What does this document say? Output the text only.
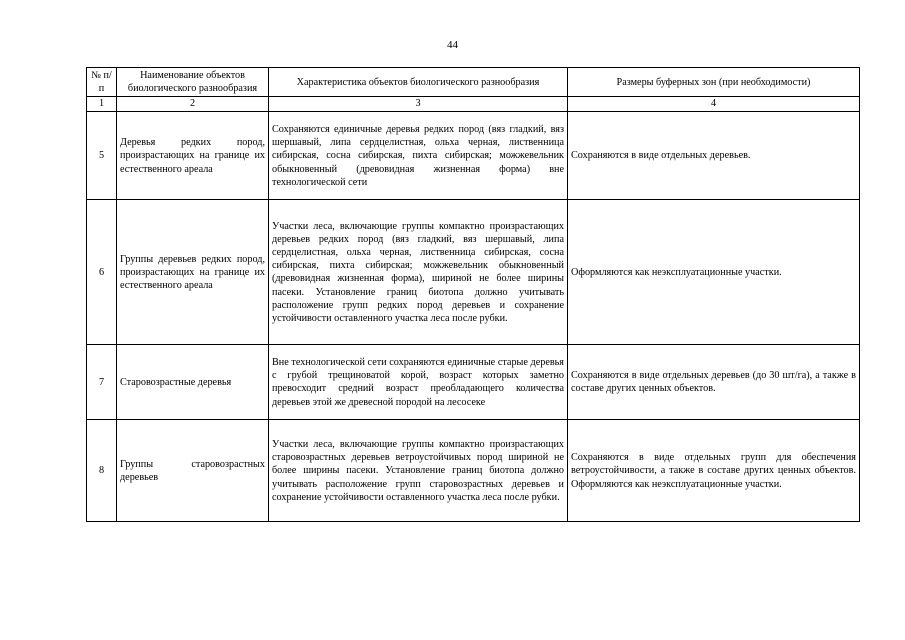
44
№ п/п	Наименование объектов биологического разнообразия	Характеристика объектов биологического разнообразия	Размеры буферных зон (при необходимости)
1	2	3	4
5	Деревья редких пород, произрастающих на границе их естественного ареала	Сохраняются единичные деревья редких пород (вяз гладкий, вяз шершавый, липа сердцелистная, ольха черная, лиственница сибирская, сосна сибирская, пихта сибирская; можжевельник обыкновенный (древовидная жизненная форма) вне технологической сети	Сохраняются в виде отдельных деревьев.
6	Группы деревьев редких пород, произрастающих на границе их естественного ареала	Участки леса, включающие группы компактно произрастающих деревьев редких пород (вяз гладкий, вяз шершавый, липа сердцелистная, ольха черная, лиственница сибирская, сосна сибирская, пихта сибирская; можжевельник обыкновенный (древовидная жизненная форма), шириной не более ширины пасеки. Установление границ биотопа должно учитывать расположение групп редких пород деревьев и сохранение устойчивости оставленного участка леса после рубки.	Оформляются как неэксплуатационные участки.
7	Старовозрастные деревья	Вне технологической сети сохраняются единичные старые деревья с грубой трещиноватой корой, возраст которых заметно превосходит средний возраст преобладающего количества деревьев этой же древесной породой на лесосеке	Сохраняются в виде отдельных деревьев (до 30 шт/га), а также в составе других ценных объектов.
8	Группы старовозрастных деревьев	Участки леса, включающие группы компактно произрастающих старовозрастных деревьев ветроустойчивых пород шириной не более ширины пасеки. Установление границ биотопа должно учитывать расположение групп старовозрастных деревьев и сохранение устойчивости оставленного участка леса после рубки.	Сохраняются в виде отдельных групп для обеспечения ветроустойчивости, а также в составе других ценных объектов. Оформляются как неэксплуатационные участки.
